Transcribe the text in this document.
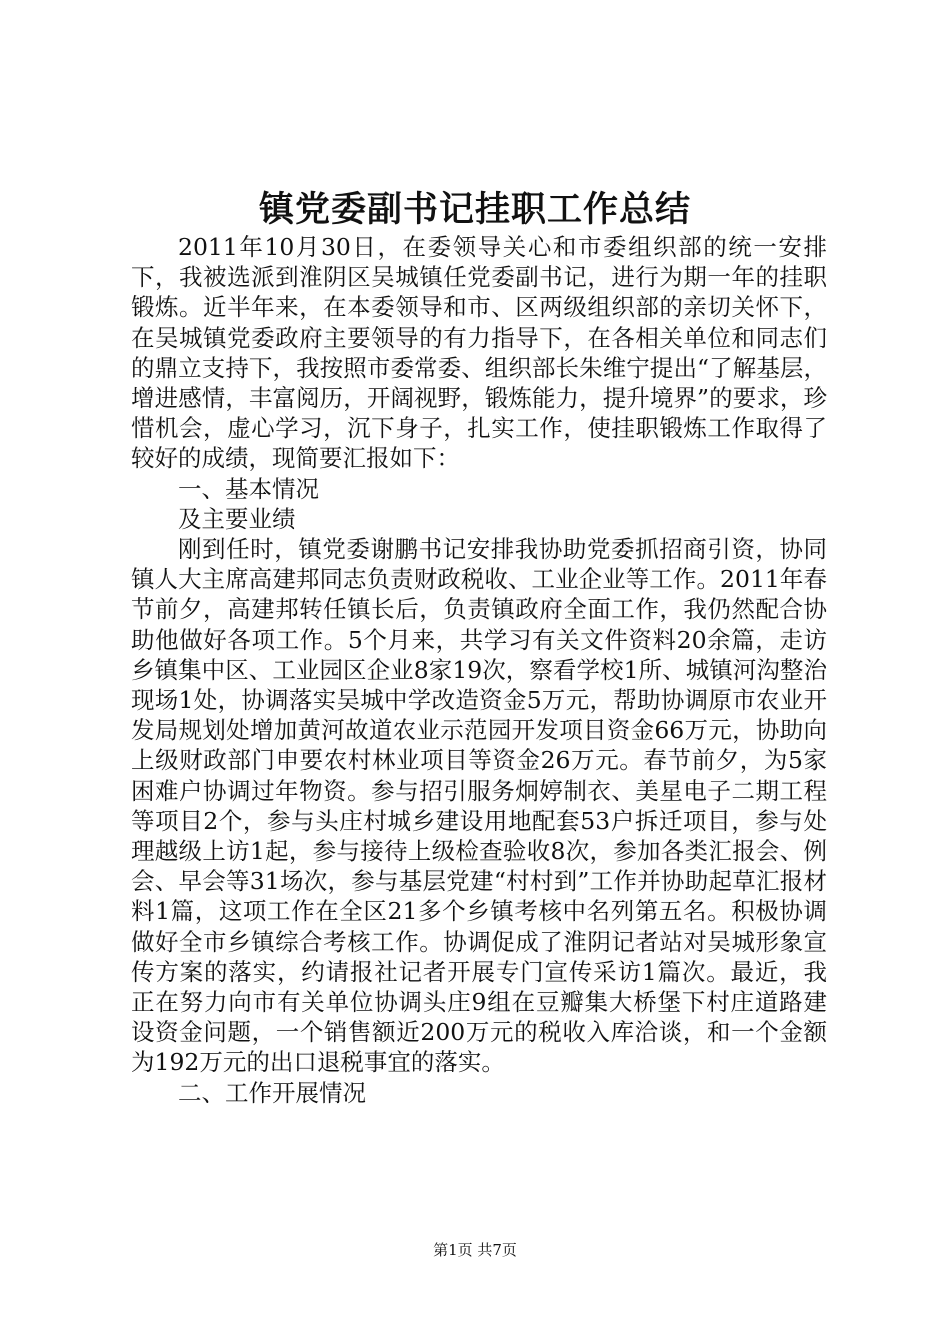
镇党委副书记挂职工作总结

2011年10月30日，在委领导关心和市委组织部的统一安排下，我被选派到淮阴区吴城镇任党委副书记，进行为期一年的挂职锻炼。近半年来，在本委领导和市、区两级组织部的亲切关怀下，在吴城镇党委政府主要领导的有力指导下，在各相关单位和同志们的鼎立支持下，我按照市委常委、组织部长朱维宁提出“了解基层，增进感情，丰富阅历，开阔视野，锻炼能力，提升境界”的要求，珍惜机会，虚心学习，沉下身子，扎实工作，使挂职锻炼工作取得了较好的成绩，现简要汇报如下：

一、基本情况

及主要业绩

刚到任时，镇党委谢鹏书记安排我协助党委抓招商引资，协同镇人大主席高建邦同志负责财政税收、工业企业等工作。2011年春节前夕，高建邦转任镇长后，负责镇政府全面工作，我仍然配合协助他做好各项工作。5个月来，共学习有关文件资料20余篇，走访乡镇集中区、工业园区企业8家19次，察看学校1所、城镇河沟整治现场1处，协调落实吴城中学改造资金5万元，帮助协调原市农业开发局规划处增加黄河故道农业示范园开发项目资金66万元，协助向上级财政部门申要农村林业项目等资金26万元。春节前夕，为5家困难户协调过年物资。参与招引服务炯婷制衣、美星电子二期工程等项目2个，参与头庄村城乡建设用地配套53户拆迁项目，参与处理越级上访1起，参与接待上级检查验收8次，参加各类汇报会、例会、早会等31场次，参与基层党建“村村到”工作并协助起草汇报材料1篇，这项工作在全区21多个乡镇考核中名列第五名。积极协调做好全市乡镇综合考核工作。协调促成了淮阴记者站对吴城形象宣传方案的落实，约请报社记者开展专门宣传采访1篇次。最近，我正在努力向市有关单位协调头庄9组在豆瓣集大桥堡下村庄道路建设资金问题，一个销售额近200万元的税收入库洽谈，和一个金额为192万元的出口退税事宜的落实。

二、工作开展情况

第1页 共7页
